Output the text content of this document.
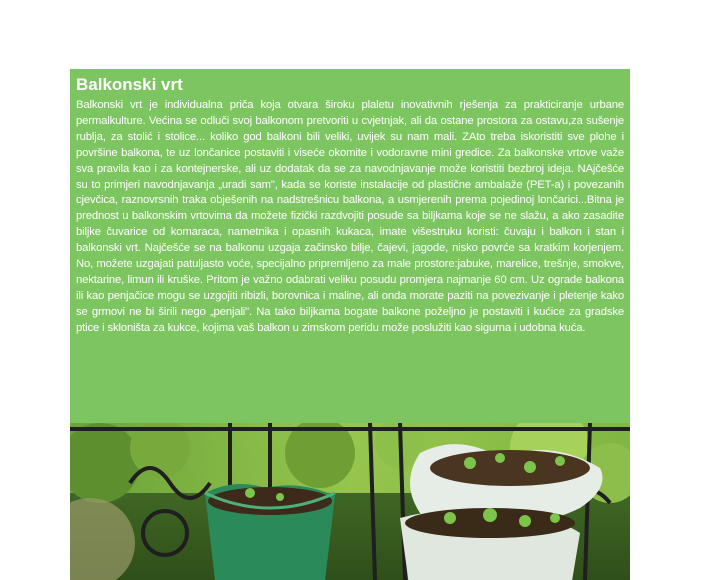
Balkonski vrt

Balkonski vrt je individualna priča koja otvara široku plaletu inovativnih rješenja za prakticiranje urbane permalkulture. Većina se odluči svoj balkonom pretvoriti u cvjetnjak, ali da ostane prostora za ostavu,za sušenje rublja, za stolić i stolice... koliko god balkoni bili veliki, uvijek su nam mali. ZAto treba iskoristiti sve plohe i površine balkona, te uz lončanice postaviti i viseće okomite i vodoravne mini gredice. Za balkonske vrtove važe sva pravila kao i za kontejnerske, ali uz dodatak da se za navodnjavanje može koristiti bezbroj ideja. NAjčešće su to primjeri navodnjavanja „uradi sam", kada se koriste instalacije od plastične ambalaže (PET-a) i povezanih cjevčica, raznovrsnih traka obješenih na nadstrešnicu balkona, a usmjerenih prema pojedinoj lončarici...Bitna je prednost u balkonskim vrtovima da možete fizički razdvojiti posude sa biljkama koje se ne slažu, a ako zasadite biljke čuvarice od komaraca, nametnika i opasnih kukaca, imate višestruku koristi: čuvaju i balkon i stan i balkonski vrt. Najčešće se na balkonu uzgaja začinsko bilje, čajevi, jagode, nisko povrće sa kratkim korjenjem. No, možete uzgajati patuljasto voće, specijalno pripremljeno za male prostore:jabuke, marelice, trešnje, smokve, nektarine, limun ili kruške. Pritom je važno odabrati veliku posudu promjera najmanje 60 cm. Uz ograde balkona ili kao penjačice mogu se uzgojiti ribizli, borovnica i maline, ali onda morate paziti na povezivanje i pletenje kako se grmovi ne bi širili nego „penjali". Na tako biljkama bogate balkone poželjno je postaviti i kućice za gradske ptice i skloništa za kukce, kojima vaš balkon u zimskom peridu može poslužiti kao sigurna i udobna kuća.
